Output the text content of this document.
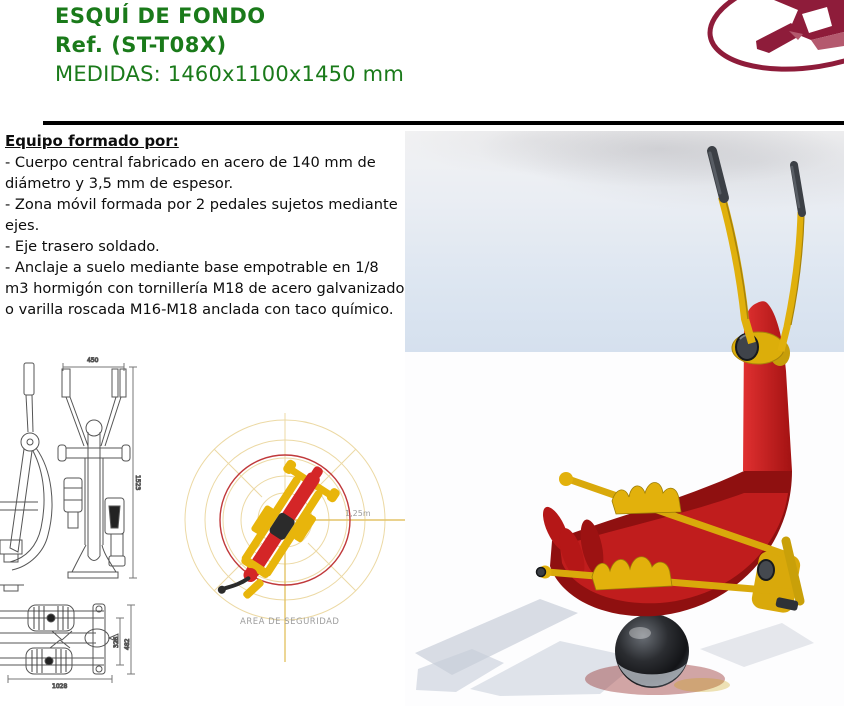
ESQUÍ DE FONDO
Ref. (ST-T08X)
MEDIDAS: 1460x1100x1450 mm
Equipo formado por:
- Cuerpo central fabricado en acero de 140 mm de diámetro y 3,5 mm de espesor.
- Zona móvil formada por 2 pedales sujetos mediante ejes.
- Eje trasero soldado.
- Anclaje a suelo mediante base empotrable en 1/8 m3 hormigón con tornillería M18 de acero galvanizado o varilla roscada M16-M18 anclada con taco químico.
450
1523
326 482
1028
1,25m
AREA DE SEGURIDAD
